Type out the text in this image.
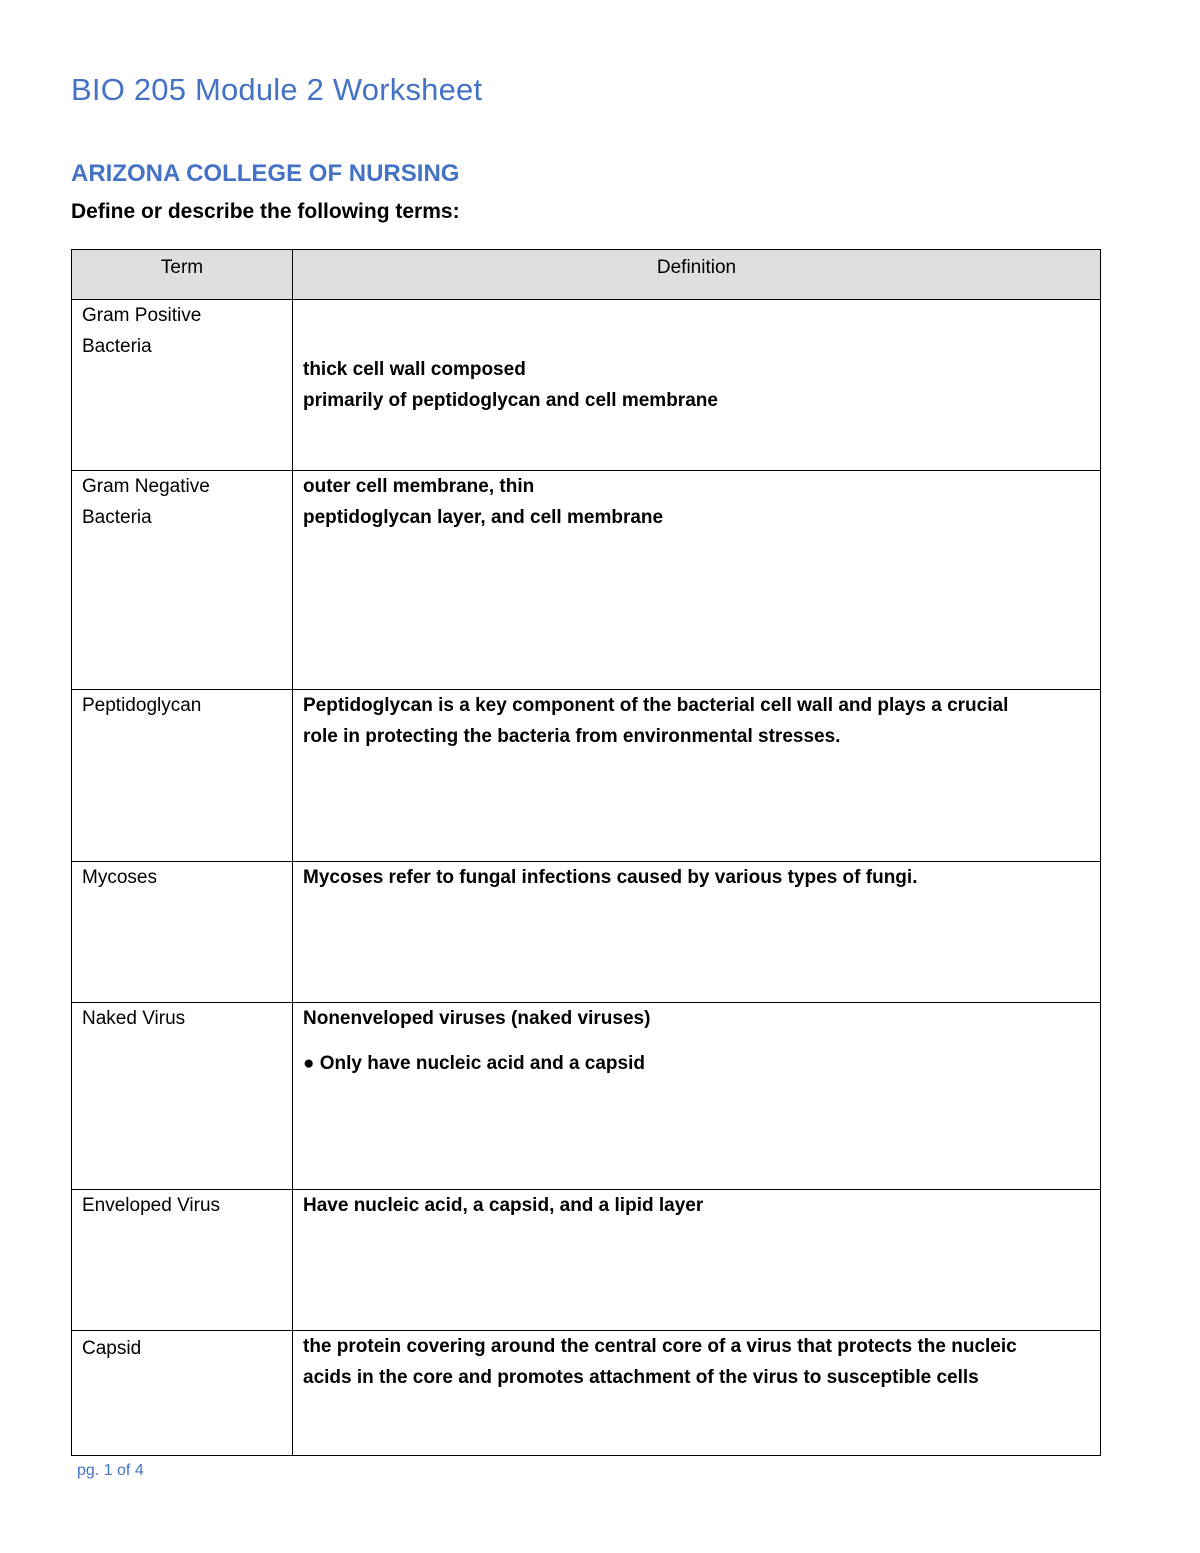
BIO 205 Module 2 Worksheet
ARIZONA COLLEGE OF NURSING

Define or describe the following terms:

Term	Definition

Gram Positive
Bacteria	thick cell wall composed
primarily of peptidoglycan and cell membrane

Gram Negative
Bacteria	outer cell membrane, thin
peptidoglycan layer, and cell membrane

Peptidoglycan	Peptidoglycan is a key component of the bacterial cell wall and plays a crucial
role in protecting the bacteria from environmental stresses.

Mycoses	Mycoses refer to fungal infections caused by various types of fungi.

Naked Virus	Nonenveloped viruses (naked viruses)
● Only have nucleic acid and a capsid

Enveloped Virus	Have nucleic acid, a capsid, and a lipid layer

Capsid	the protein covering around the central core of a virus that protects the nucleic
acids in the core and promotes attachment of the virus to susceptible cells

pg. 1 of 4
